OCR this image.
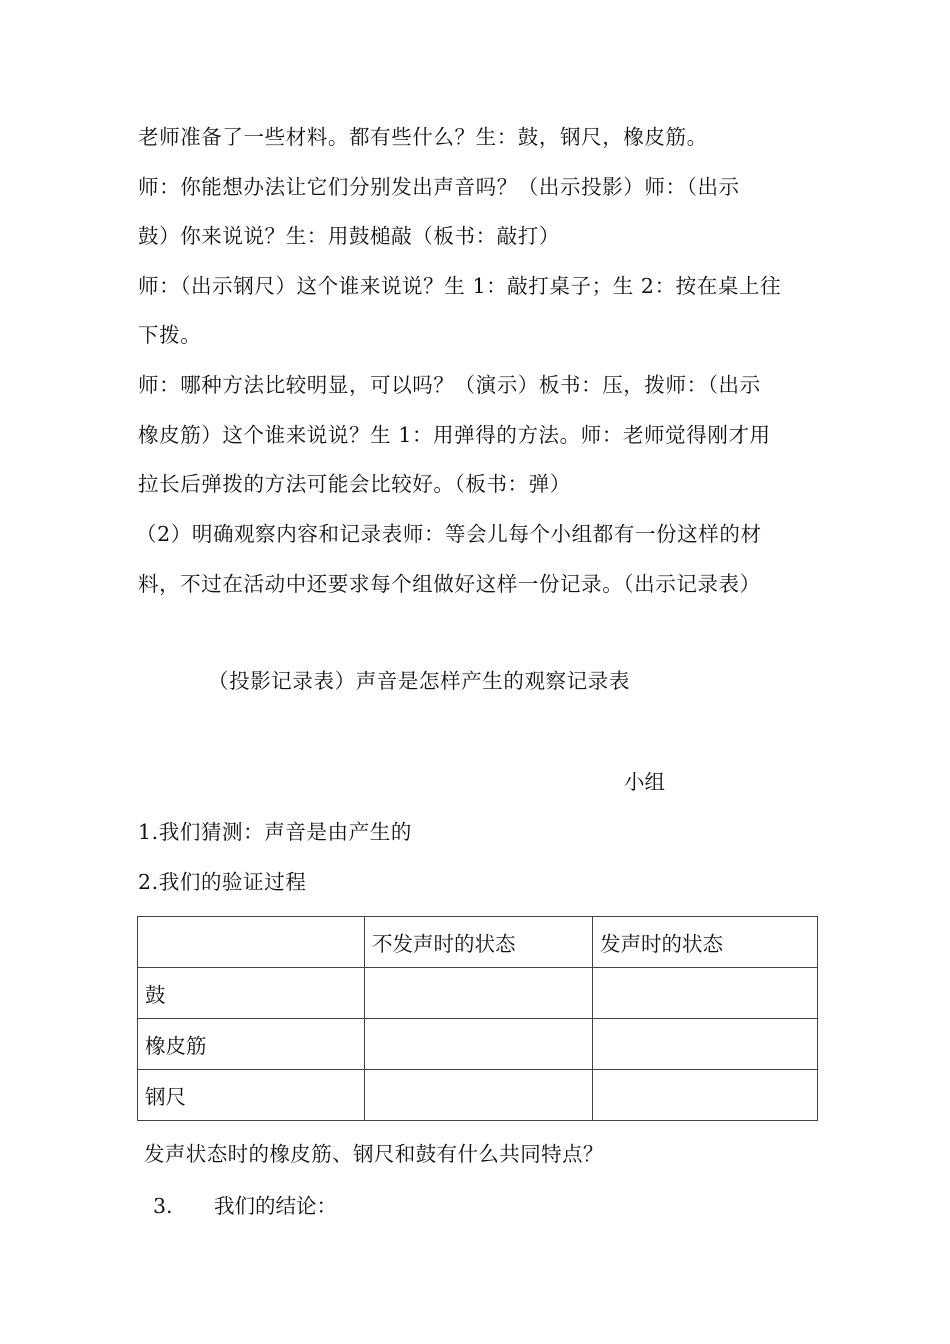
老师准备了一些材料。都有些什么？生：鼓，钢尺，橡皮筋。
师：你能想办法让它们分别发出声音吗？（出示投影）师：（出示
鼓）你来说说？生：用鼓槌敲（板书：敲打）
师：（出示钢尺）这个谁来说说？生 1：敲打桌子；生 2：按在桌上往
下拨。
师：哪种方法比较明显，可以吗？（演示）板书：压，拨师：（出示
橡皮筋）这个谁来说说？生 1：用弹得的方法。师：老师觉得刚才用
拉长后弹拨的方法可能会比较好。（板书：弹）
（2）明确观察内容和记录表师：等会儿每个小组都有一份这样的材
料，不过在活动中还要求每个组做好这样一份记录。（出示记录表）
（投影记录表）声音是怎样产生的观察记录表
小组
1.我们猜测：声音是由产生的
2.我们的验证过程
	不发声时的状态	发声时的状态
鼓		
橡皮筋		
钢尺		
发声状态时的橡皮筋、钢尺和鼓有什么共同特点？
3. 我们的结论：
